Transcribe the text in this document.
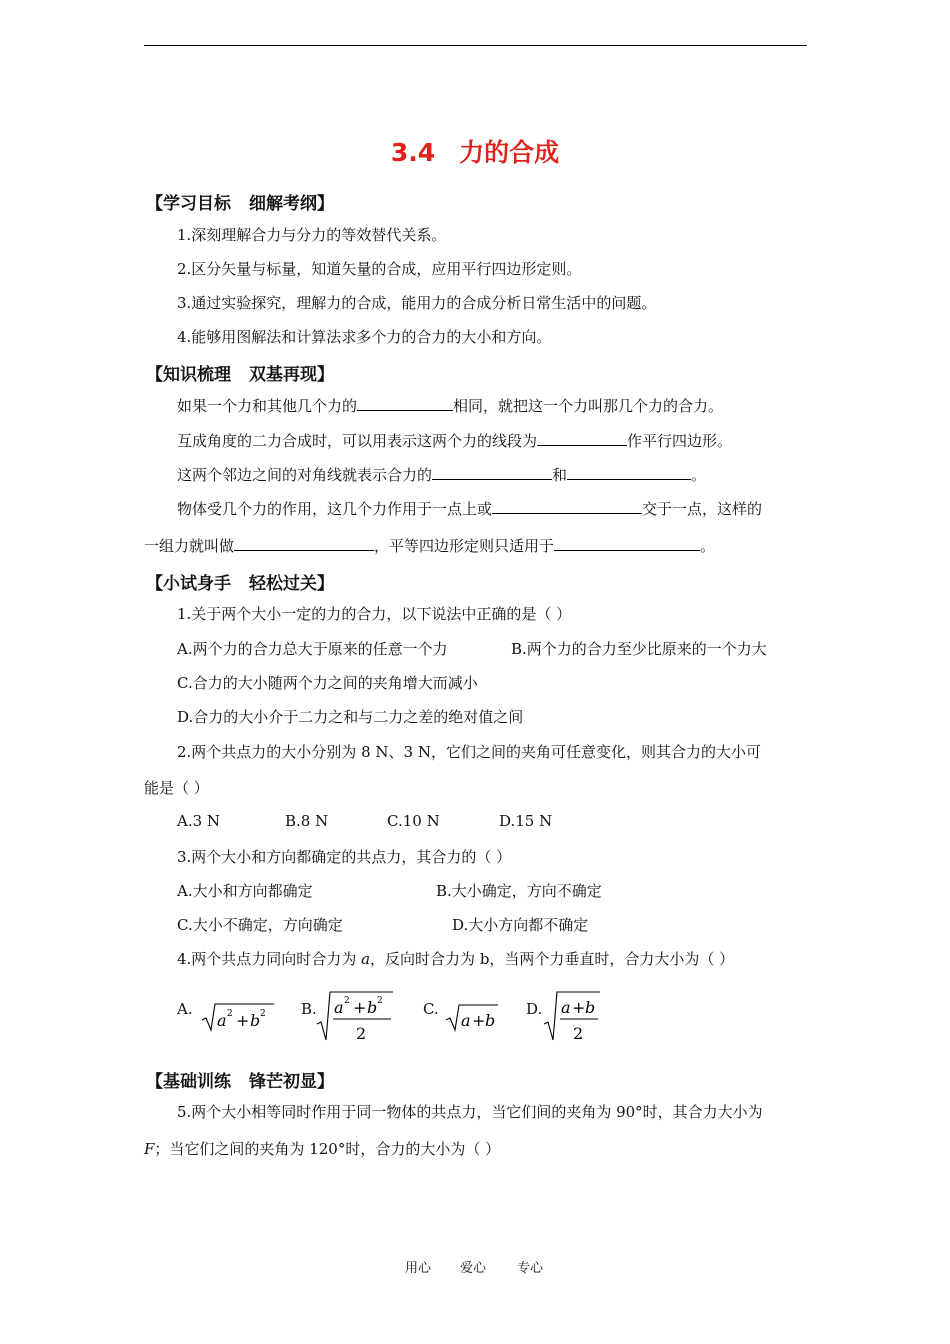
3.4 力的合成
【学习目标 细解考纲】
1.深刻理解合力与分力的等效替代关系。
2.区分矢量与标量，知道矢量的合成，应用平行四边形定则。
3.通过实验探究，理解力的合成，能用力的合成分析日常生活中的问题。
4.能够用图解法和计算法求多个力的合力的大小和方向。
【知识梳理 双基再现】
如果一个力和其他几个力的	相同，就把这一个力叫那几个力的合力。
互成角度的二力合成时，可以用表示这两个力的线段为	作平行四边形。
这两个邻边之间的对角线就表示合力的	和	。
物体受几个力的作用，这几个力作用于一点上或	交于一点，这样的
一组力就叫做	，平等四边形定则只适用于	。
【小试身手 轻松过关】
1.关于两个大小一定的力的合力，以下说法中正确的是（ ）
A.两个力的合力总大于原来的任意一个力	B.两个力的合力至少比原来的一个力大
C.合力的大小随两个力之间的夹角增大而减小
D.合力的大小介于二力之和与二力之差的绝对值之间
2.两个共点力的大小分别为 8 N、3 N，它们之间的夹角可任意变化，则其合力的大小可
能是（ ）
A.3 N	B.8 N	C.10 N	D.15 N
3.两个大小和方向都确定的共点力，其合力的（ ）
A.大小和方向都确定	B.大小确定，方向不确定
C.大小不确定，方向确定	D.大小方向都不确定
4.两个共点力同向时合力为 a，反向时合力为 b，当两个力垂直时，合力大小为（ ）
A.
a 2 + b 2 B. a 2 + b 2
2
C.
a + b
D. a + b
2
【基础训练 锋芒初显】
5.两个大小相等同时作用于同一物体的共点力，当它们间的夹角为 90°时，其合力大小为
F；当它们之间的夹角为 120°时，合力的大小为（ ）
用心 爱心 专心
